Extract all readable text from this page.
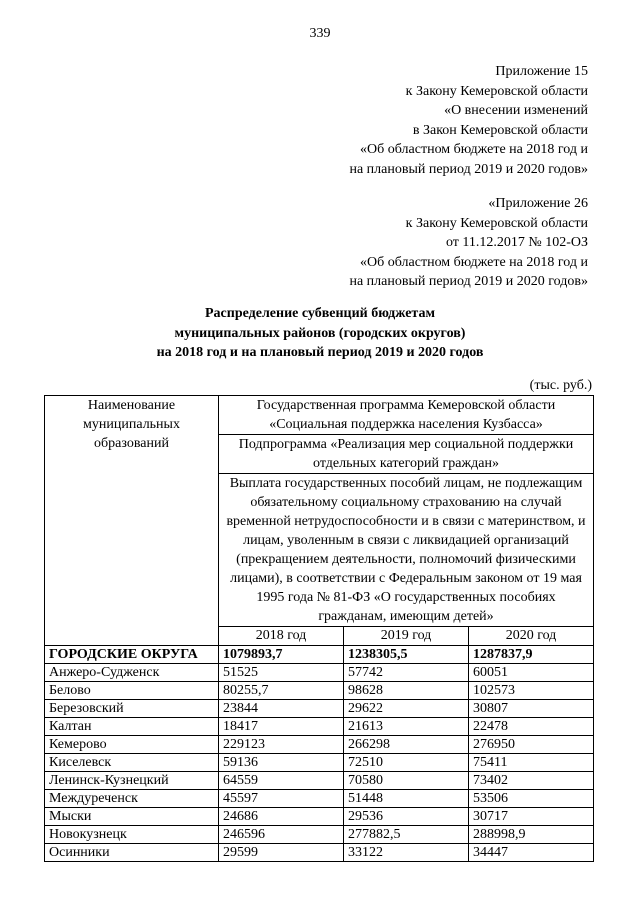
339
Приложение 15
к Закону Кемеровской области
«О внесении изменений
в Закон Кемеровской области
«Об областном бюджете на 2018 год и
на плановый период 2019 и 2020 годов»
«Приложение 26
к Закону Кемеровской области
от 11.12.2017 № 102-ОЗ
«Об областном бюджете на 2018 год и
на плановый период 2019 и 2020 годов»
Распределение субвенций бюджетам
муниципальных районов (городских округов)
на 2018 год и на плановый период 2019 и 2020 годов
(тыс. руб.)
Наименование муниципальных образований	Государственная программа Кемеровской области «Социальная поддержка населения Кузбасса»		
	Подпрограмма «Реализация мер социальной поддержки отдельных категорий граждан»		
	Выплата государственных пособий лицам, не подлежащим обязательному социальному страхованию на случай временной нетрудоспособности и в связи с материнством, и лицам, уволенным в связи с ликвидацией организаций (прекращением деятельности, полномочий физическими лицами), в соответствии с Федеральным законом от 19 мая 1995 года № 81-ФЗ «О государственных пособиях гражданам, имеющим детей»		
	2018 год	2019 год	2020 год
ГОРОДСКИЕ ОКРУГА	1079893,7	1238305,5	1287837,9
Анжеро-Судженск	51525	57742	60051
Белово	80255,7	98628	102573
Березовский	23844	29622	30807
Калтан	18417	21613	22478
Кемерово	229123	266298	276950
Киселевск	59136	72510	75411
Ленинск-Кузнецкий	64559	70580	73402
Междуреченск	45597	51448	53506
Мыски	24686	29536	30717
Новокузнецк	246596	277882,5	288998,9
Осинники	29599	33122	34447
